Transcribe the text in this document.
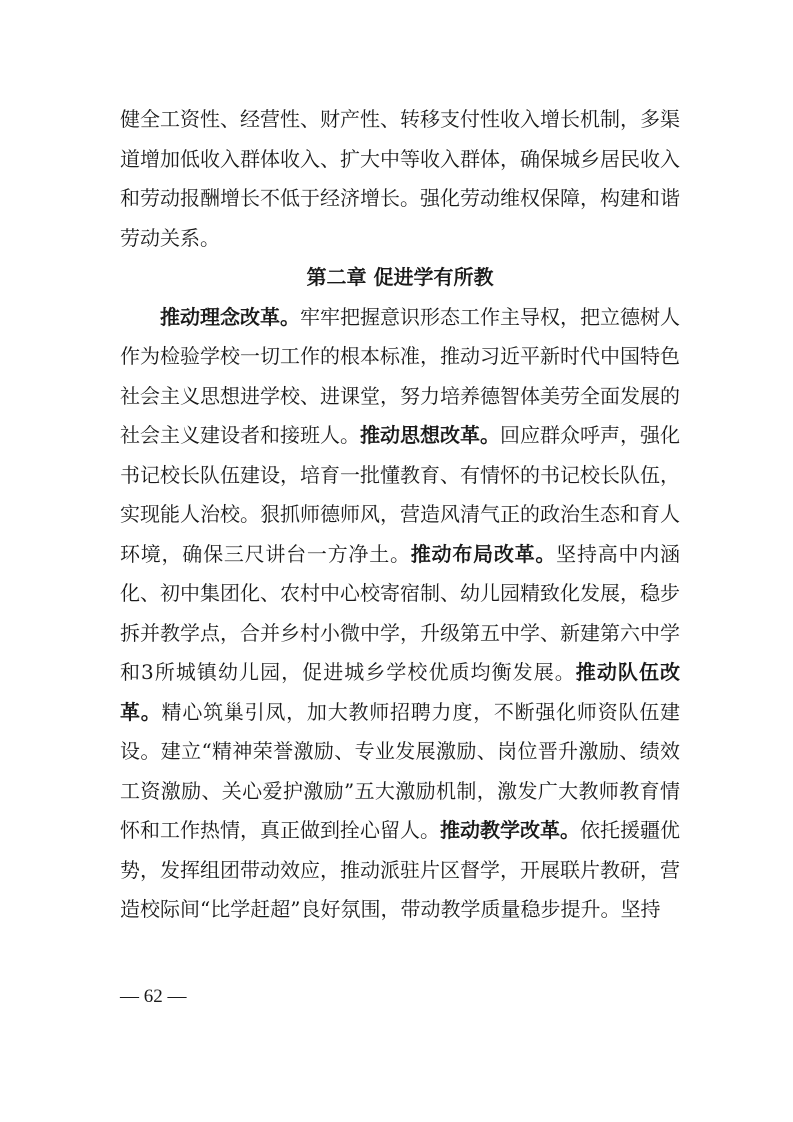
健全工资性、经营性、财产性、转移支付性收入增长机制，多渠道增加低收入群体收入、扩大中等收入群体，确保城乡居民收入和劳动报酬增长不低于经济增长。强化劳动维权保障，构建和谐劳动关系。

第二章 促进学有所教

推动理念改革。牢牢把握意识形态工作主导权，把立德树人作为检验学校一切工作的根本标准，推动习近平新时代中国特色社会主义思想进学校、进课堂，努力培养德智体美劳全面发展的社会主义建设者和接班人。推动思想改革。回应群众呼声，强化书记校长队伍建设，培育一批懂教育、有情怀的书记校长队伍，实现能人治校。狠抓师德师风，营造风清气正的政治生态和育人环境，确保三尺讲台一方净土。推动布局改革。坚持高中内涵化、初中集团化、农村中心校寄宿制、幼儿园精致化发展，稳步拆并教学点，合并乡村小微中学，升级第五中学、新建第六中学和3所城镇幼儿园，促进城乡学校优质均衡发展。推动队伍改革。精心筑巢引凤，加大教师招聘力度，不断强化师资队伍建设。建立“精神荣誉激励、专业发展激励、岗位晋升激励、绩效工资激励、关心爱护激励”五大激励机制，激发广大教师教育情怀和工作热情，真正做到拴心留人。推动教学改革。依托援疆优势，发挥组团带动效应，推动派驻片区督学，开展联片教研，营造校际间“比学赶超”良好氛围，带动教学质量稳步提升。坚持

— 62 —
